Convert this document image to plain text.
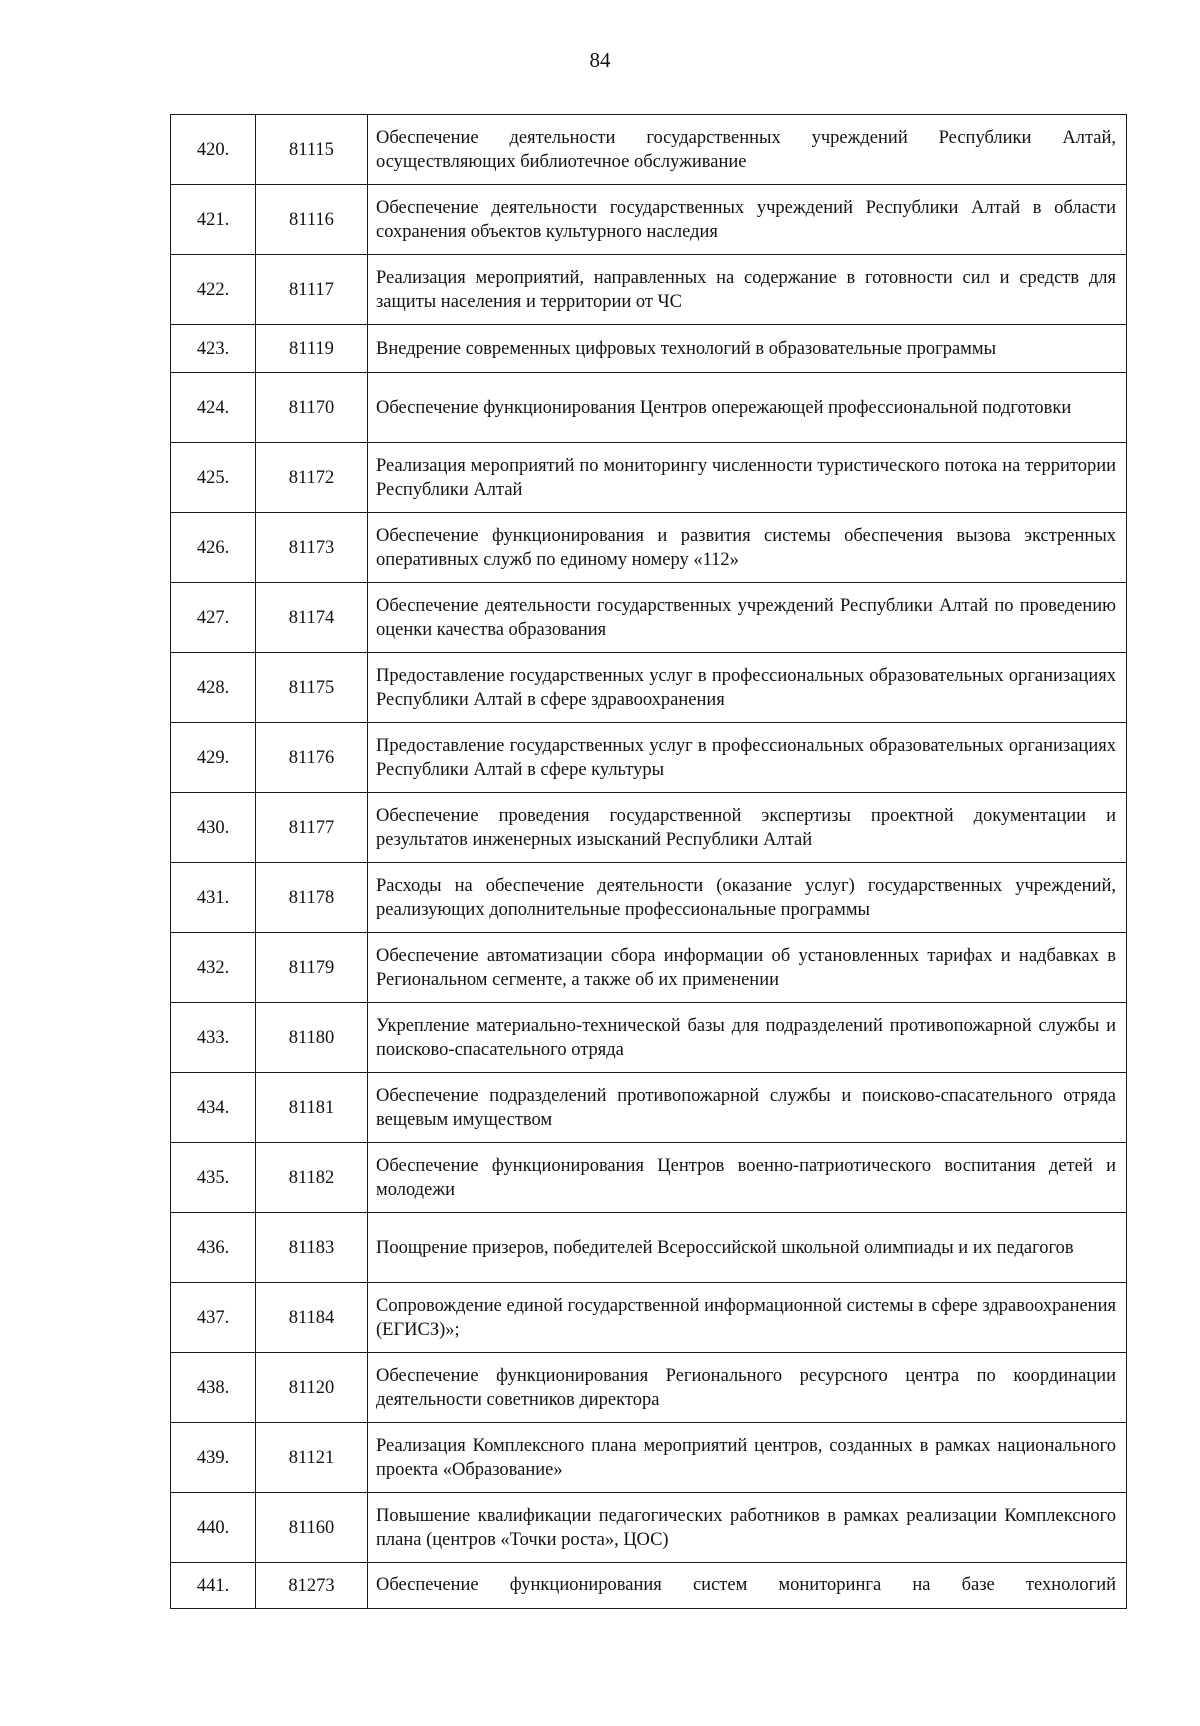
84
420.	81115	Обеспечение деятельности государственных учреждений Республики Алтай, осуществляющих библиотечное обслуживание
421.	81116	Обеспечение деятельности государственных учреждений Республики Алтай в области сохранения объектов культурного наследия
422.	81117	Реализация мероприятий, направленных на содержание в готовности сил и средств для защиты населения и территории от ЧС
423.	81119	Внедрение современных цифровых технологий в образовательные программы
424.	81170	Обеспечение функционирования Центров опережающей профессиональной подготовки
425.	81172	Реализация мероприятий по мониторингу численности туристического потока на территории Республики Алтай
426.	81173	Обеспечение функционирования и развития системы обеспечения вызова экстренных оперативных служб по единому номеру «112»
427.	81174	Обеспечение деятельности государственных учреждений Республики Алтай по проведению оценки качества образования
428.	81175	Предоставление государственных услуг в профессиональных образовательных организациях Республики Алтай в сфере здравоохранения
429.	81176	Предоставление государственных услуг в профессиональных образовательных организациях Республики Алтай в сфере культуры
430.	81177	Обеспечение проведения государственной экспертизы проектной документации и результатов инженерных изысканий Республики Алтай
431.	81178	Расходы на обеспечение деятельности (оказание услуг) государственных учреждений, реализующих дополнительные профессиональные программы
432.	81179	Обеспечение автоматизации сбора информации об установленных тарифах и надбавках в Региональном сегменте, а также об их применении
433.	81180	Укрепление материально-технической базы для подразделений противопожарной службы и поисково-спасательного отряда
434.	81181	Обеспечение подразделений противопожарной службы и поисково-спасательного отряда вещевым имуществом
435.	81182	Обеспечение функционирования Центров военно-патриотического воспитания детей и молодежи
436.	81183	Поощрение призеров, победителей Всероссийской школьной олимпиады и их педагогов
437.	81184	Сопровождение единой государственной информационной системы в сфере здравоохранения (ЕГИСЗ)»;
438.	81120	Обеспечение функционирования Регионального ресурсного центра по координации деятельности советников директора
439.	81121	Реализация Комплексного плана мероприятий центров, созданных в рамках национального проекта «Образование»
440.	81160	Повышение квалификации педагогических работников в рамках реализации Комплексного плана (центров «Точки роста», ЦОС)
441.	81273	Обеспечение функционирования систем мониторинга на базе технологий
